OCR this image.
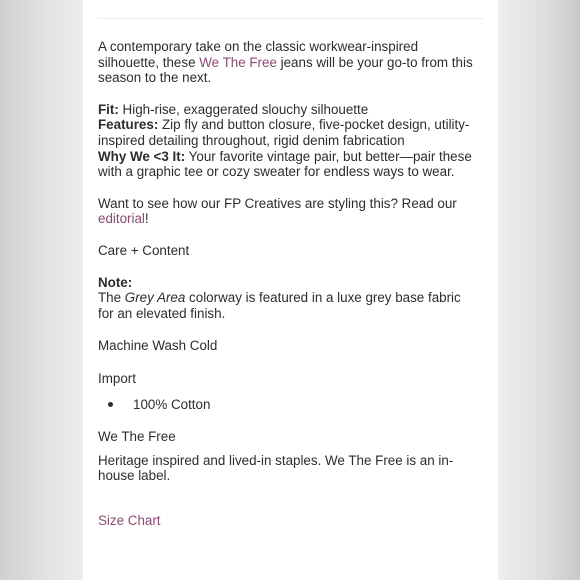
A contemporary take on the classic workwear-inspired silhouette, these We The Free jeans will be your go-to from this season to the next.

Fit: High-rise, exaggerated slouchy silhouette
Features: Zip fly and button closure, five-pocket design, utility-inspired detailing throughout, rigid denim fabrication
Why We <3 It: Your favorite vintage pair, but better—pair these with a graphic tee or cozy sweater for endless ways to wear.

Want to see how our FP Creatives are styling this? Read our editorial!

Care + Content

Note:
The Grey Area colorway is featured in a luxe grey base fabric for an elevated finish.

Machine Wash Cold

Import

100% Cotton

We The Free

Heritage inspired and lived-in staples. We The Free is an in-house label.

Size Chart
